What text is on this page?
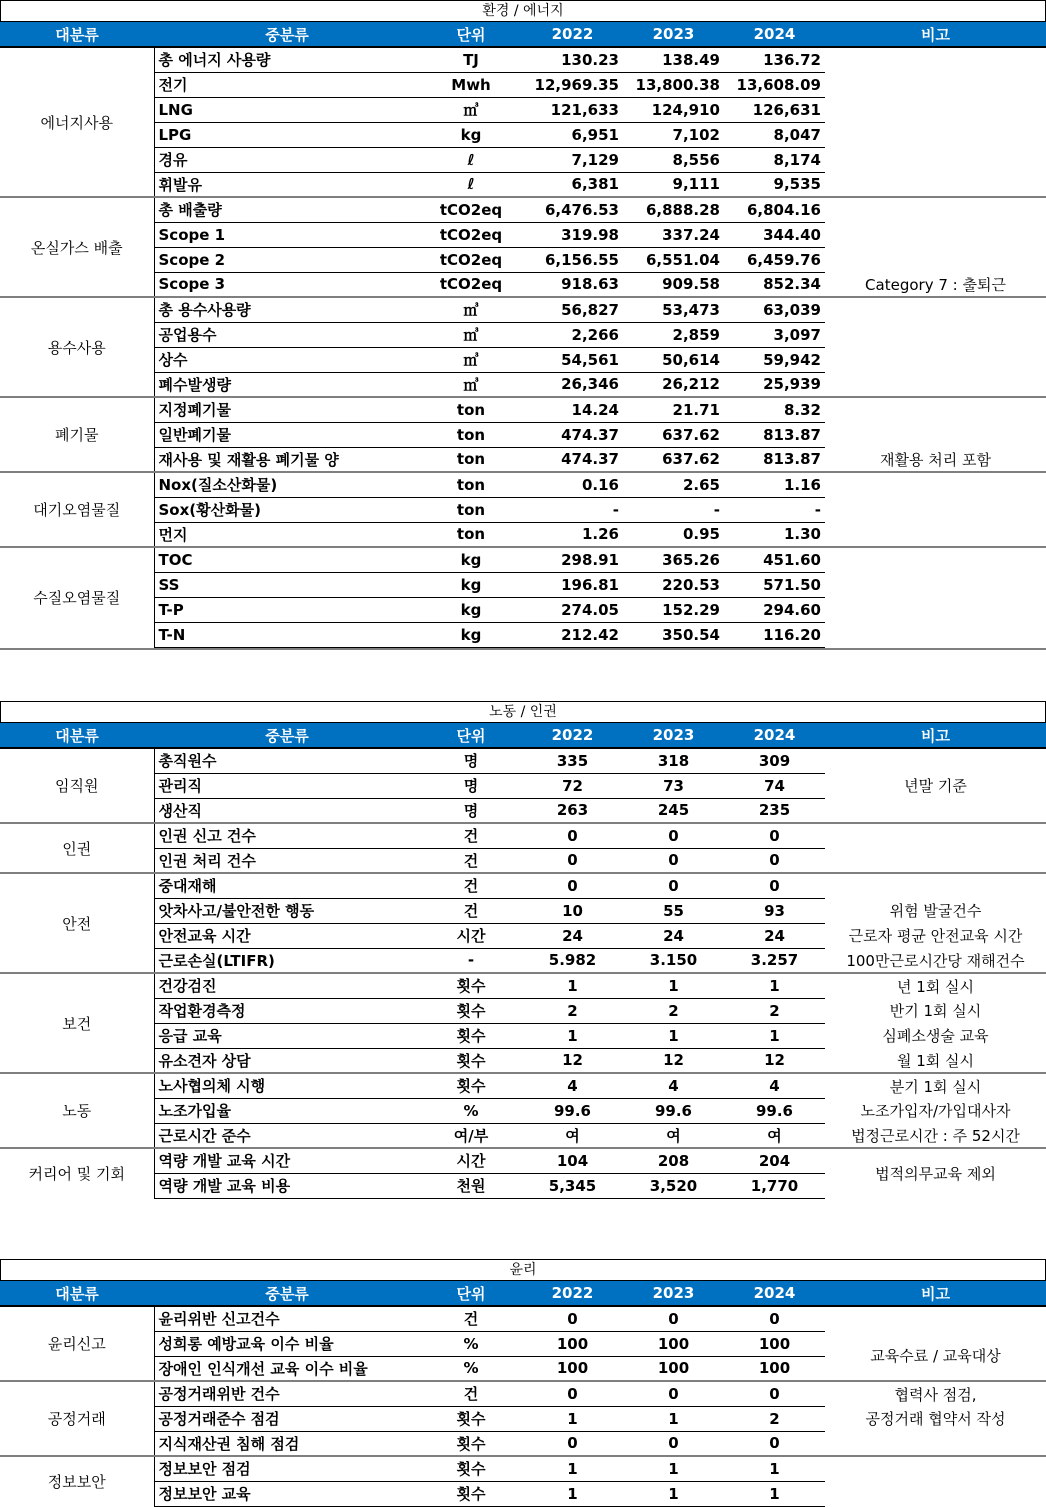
환경 / 에너지
대분류	중분류	단위	2022	2023	2024	비고
에너지사용	총 에너지 사용량	TJ	130.23	138.49	136.72	
	전기	Mwh	12,969.35	13,800.38	13,608.09	
	LNG	㎥	121,633	124,910	126,631	
	LPG	kg	6,951	7,102	8,047	
	경유	ℓ	7,129	8,556	8,174	
	휘발유	ℓ	6,381	9,111	9,535	
온실가스 배출	총 배출량	tCO2eq	6,476.53	6,888.28	6,804.16	
	Scope 1	tCO2eq	319.98	337.24	344.40	
	Scope 2	tCO2eq	6,156.55	6,551.04	6,459.76	
	Scope 3	tCO2eq	918.63	909.58	852.34	Category 7 : 출퇴근
용수사용	총 용수사용량	㎥	56,827	53,473	63,039	
	공업용수	㎥	2,266	2,859	3,097	
	상수	㎥	54,561	50,614	59,942	
	폐수발생량	㎥	26,346	26,212	25,939	
폐기물	지정폐기물	ton	14.24	21.71	8.32	
	일반폐기물	ton	474.37	637.62	813.87	
	재사용 및 재활용 폐기물 양	ton	474.37	637.62	813.87	재활용 처리 포함
대기오염물질	Nox(질소산화물)	ton	0.16	2.65	1.16	
	Sox(황산화물)	ton	-	-	-	
	먼지	ton	1.26	0.95	1.30	
수질오염물질	TOC	kg	298.91	365.26	451.60	
	SS	kg	196.81	220.53	571.50	
	T-P	kg	274.05	152.29	294.60	
	T-N	kg	212.42	350.54	116.20	
노동 / 인권
대분류	중분류	단위	2022	2023	2024	비고
임직원	총직원수	명	335	318	309	년말 기준
	관리직	명	72	73	74	
	생산직	명	263	245	235	
인권	인권 신고 건수	건	0	0	0	
	인권 처리 건수	건	0	0	0	
안전	중대재해	건	0	0	0	
	앗차사고/불안전한 행동	건	10	55	93	위험 발굴건수
	안전교육 시간	시간	24	24	24	근로자 평균 안전교육 시간
	근로손실(LTIFR)	-	5.982	3.150	3.257	100만근로시간당 재해건수
보건	건강검진	횟수	1	1	1	년 1회 실시
	작업환경측정	횟수	2	2	2	반기 1회 실시
	응급 교육	횟수	1	1	1	심폐소생술 교육
	유소견자 상담	횟수	12	12	12	월 1회 실시
노동	노사협의체 시행	횟수	4	4	4	분기 1회 실시
	노조가입율	%	99.6	99.6	99.6	노조가입자/가입대사자
	근로시간 준수	여/부	여	여	여	법정근로시간 : 주 52시간
커리어 및 기회	역량 개발 교육 시간	시간	104	208	204	법적의무교육 제외
	역량 개발 교육 비용	천원	5,345	3,520	1,770	
윤리
대분류	중분류	단위	2022	2023	2024	비고
윤리신고	윤리위반 신고건수	건	0	0	0	
	성희롱 예방교육 이수 비율	%	100	100	100	교육수료 / 교육대상
	장애인 인식개선 교육 이수 비율	%	100	100	100	
공정거래	공정거래위반 건수	건	0	0	0	협력사 점검,
공정거래 협약서 작성
	공정거래준수 점검	횟수	1	1	2	
	지식재산권 침해 점검	횟수	0	0	0	
정보보안	정보보안 점검	횟수	1	1	1	
	정보보안 교육	횟수	1	1	1	
